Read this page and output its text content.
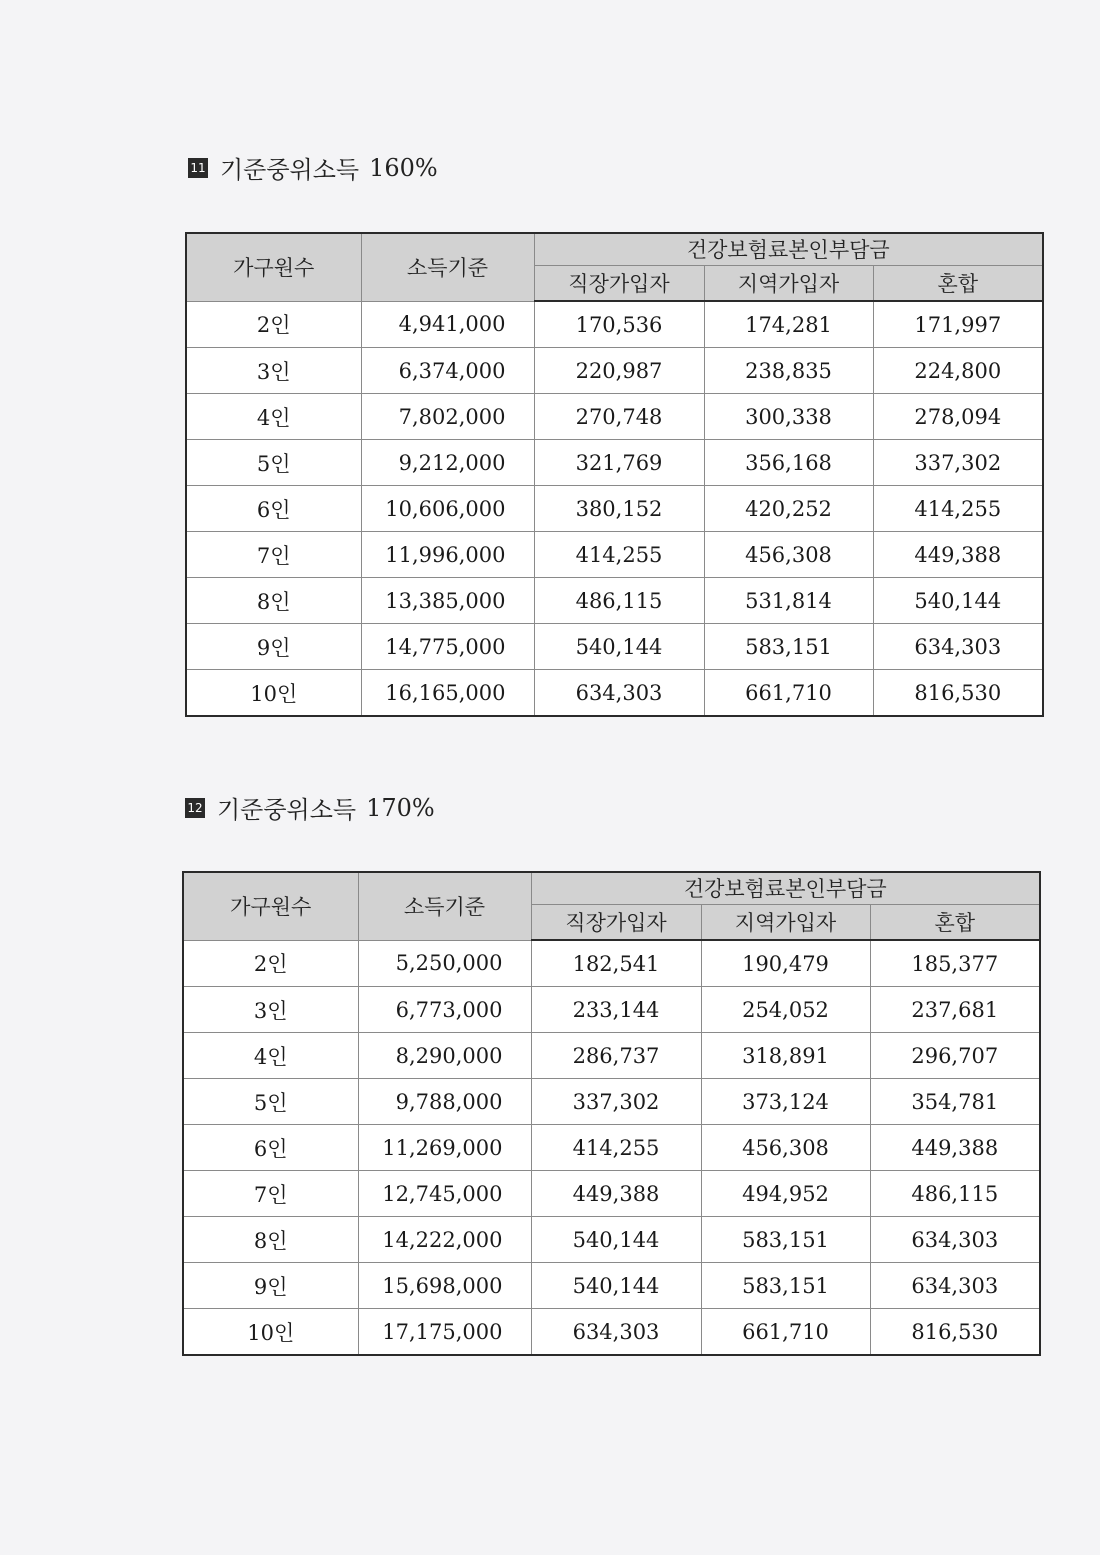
11 기준중위소득 160%
가구원수	소득기준	건강보험료본인부담금		
		직장가입자	지역가입자	혼합
2인	4,941,000	170,536	174,281	171,997
3인	6,374,000	220,987	238,835	224,800
4인	7,802,000	270,748	300,338	278,094
5인	9,212,000	321,769	356,168	337,302
6인	10,606,000	380,152	420,252	414,255
7인	11,996,000	414,255	456,308	449,388
8인	13,385,000	486,115	531,814	540,144
9인	14,775,000	540,144	583,151	634,303
10인	16,165,000	634,303	661,710	816,530
12 기준중위소득 170%
가구원수	소득기준	건강보험료본인부담금		
		직장가입자	지역가입자	혼합
2인	5,250,000	182,541	190,479	185,377
3인	6,773,000	233,144	254,052	237,681
4인	8,290,000	286,737	318,891	296,707
5인	9,788,000	337,302	373,124	354,781
6인	11,269,000	414,255	456,308	449,388
7인	12,745,000	449,388	494,952	486,115
8인	14,222,000	540,144	583,151	634,303
9인	15,698,000	540,144	583,151	634,303
10인	17,175,000	634,303	661,710	816,530
